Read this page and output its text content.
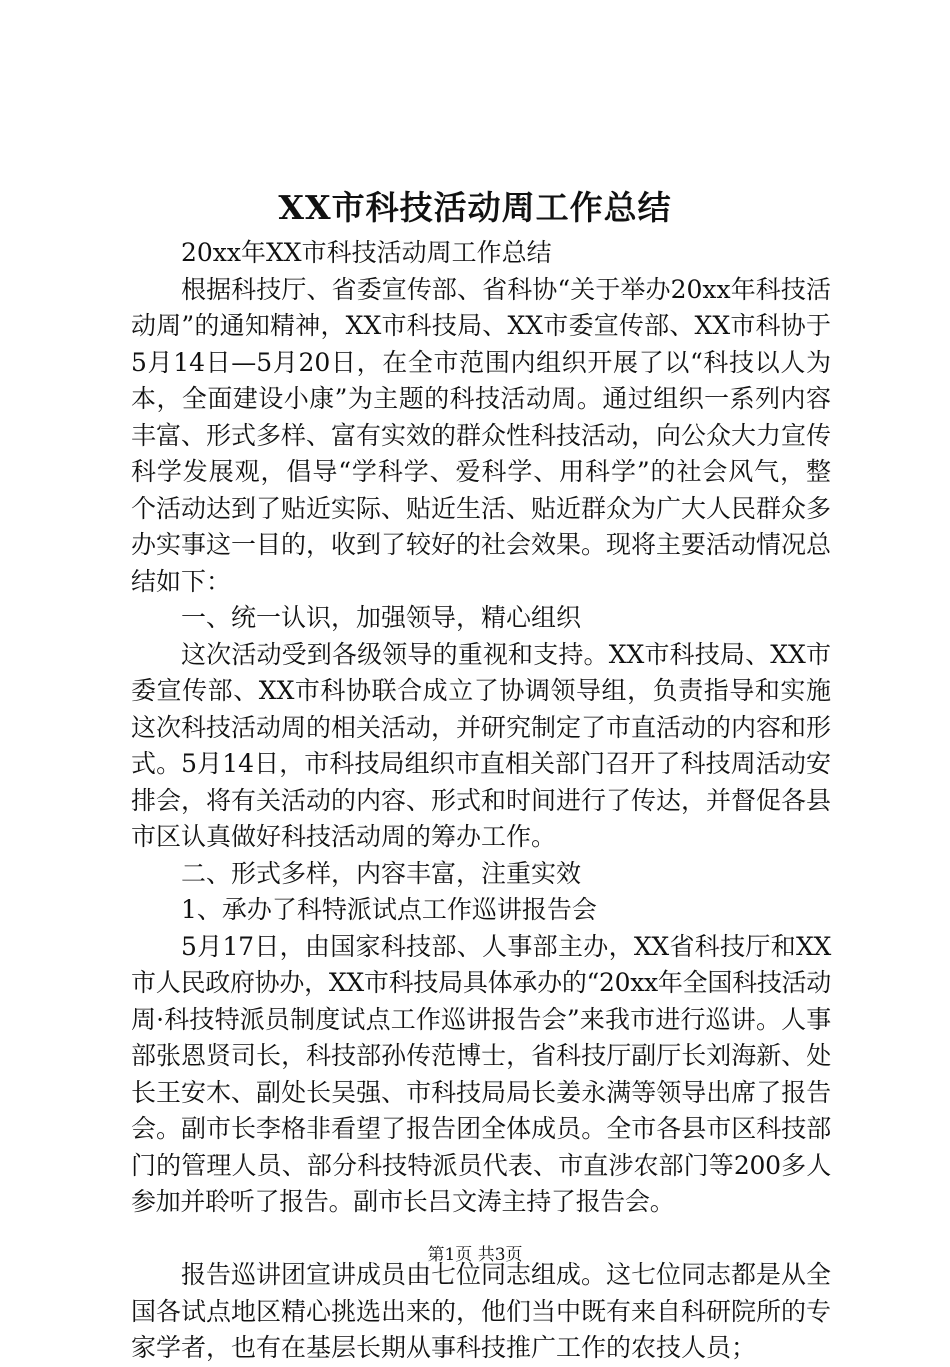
XX市科技活动周工作总结

20xx年XX市科技活动周工作总结

根据科技厅、省委宣传部、省科协“关于举办20xx年科技活动周”的通知精神，XX市科技局、XX市委宣传部、XX市科协于5月14日—5月20日，在全市范围内组织开展了以“科技以人为本，全面建设小康”为主题的科技活动周。通过组织一系列内容丰富、形式多样、富有实效的群众性科技活动，向公众大力宣传科学发展观，倡导“学科学、爱科学、用科学”的社会风气，整个活动达到了贴近实际、贴近生活、贴近群众为广大人民群众多办实事这一目的，收到了较好的社会效果。现将主要活动情况总结如下：

一、统一认识，加强领导，精心组织

这次活动受到各级领导的重视和支持。XX市科技局、XX市委宣传部、XX市科协联合成立了协调领导组，负责指导和实施这次科技活动周的相关活动，并研究制定了市直活动的内容和形式。5月14日，市科技局组织市直相关部门召开了科技周活动安排会，将有关活动的内容、形式和时间进行了传达，并督促各县市区认真做好科技活动周的筹办工作。

二、形式多样，内容丰富，注重实效

1、承办了科特派试点工作巡讲报告会

5月17日，由国家科技部、人事部主办，XX省科技厅和XX市人民政府协办，XX市科技局具体承办的“20xx年全国科技活动周·科技特派员制度试点工作巡讲报告会”来我市进行巡讲。人事部张恩贤司长，科技部孙传范博士，省科技厅副厅长刘海新、处长王安木、副处长吴强、市科技局局长姜永满等领导出席了报告会。副市长李格非看望了报告团全体成员。全市各县市区科技部门的管理人员、部分科技特派员代表、市直涉农部门等200多人参加并聆听了报告。副市长吕文涛主持了报告会。

报告巡讲团宣讲成员由七位同志组成。这七位同志都是从全国各试点地区精心挑选出来的，他们当中既有来自科研院所的专家学者，也有在基层长期从事科技推广工作的农技人员；

第1页 共3页
